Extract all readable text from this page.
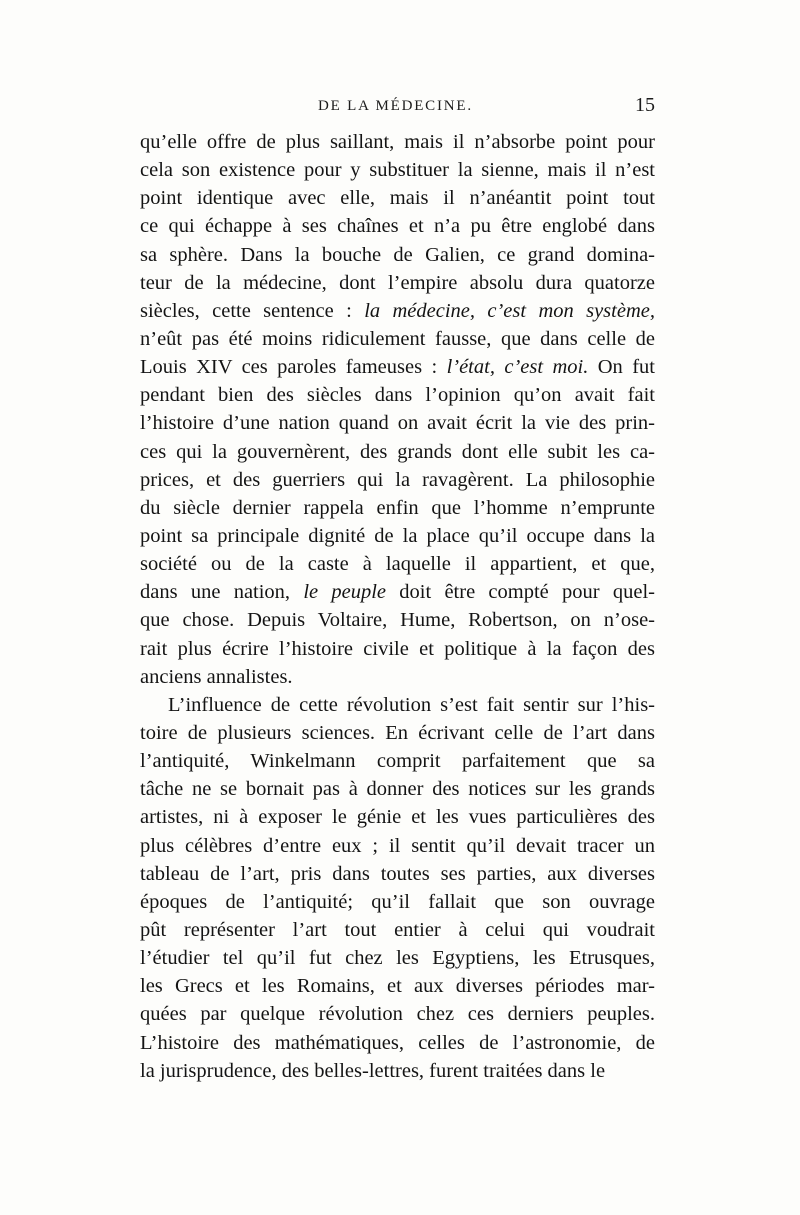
DE LA MÉDECINE.	15
qu’elle offre de plus saillant, mais il n’absorbe point pour
cela son existence pour y substituer la sienne, mais il n’est
point identique avec elle, mais il n’anéantit point tout
ce qui échappe à ses chaînes et n’a pu être englobé dans
sa sphère. Dans la bouche de Galien, ce grand domina-
teur de la médecine, dont l’empire absolu dura quatorze
siècles, cette sentence : la médecine, c’est mon système,
n’eût pas été moins ridiculement fausse, que dans celle de
Louis XIV ces paroles fameuses : l’état, c’est moi. On fut
pendant bien des siècles dans l’opinion qu’on avait fait
l’histoire d’une nation quand on avait écrit la vie des prin-
ces qui la gouvernèrent, des grands dont elle subit les ca-
prices, et des guerriers qui la ravagèrent. La philosophie
du siècle dernier rappela enfin que l’homme n’emprunte
point sa principale dignité de la place qu’il occupe dans la
société ou de la caste à laquelle il appartient, et que,
dans une nation, le peuple doit être compté pour quel-
que chose. Depuis Voltaire, Hume, Robertson, on n’ose-
rait plus écrire l’histoire civile et politique à la façon des
anciens annalistes.
L’influence de cette révolution s’est fait sentir sur l’his-
toire de plusieurs sciences. En écrivant celle de l’art dans
l’antiquité, Winkelmann comprit parfaitement que sa
tâche ne se bornait pas à donner des notices sur les grands
artistes, ni à exposer le génie et les vues particulières des
plus célèbres d’entre eux ; il sentit qu’il devait tracer un
tableau de l’art, pris dans toutes ses parties, aux diverses
époques de l’antiquité; qu’il fallait que son ouvrage
pût représenter l’art tout entier à celui qui voudrait
l’étudier tel qu’il fut chez les Egyptiens, les Etrusques,
les Grecs et les Romains, et aux diverses périodes mar-
quées par quelque révolution chez ces derniers peuples.
L’histoire des mathématiques, celles de l’astronomie, de
la jurisprudence, des belles-lettres, furent traitées dans le
